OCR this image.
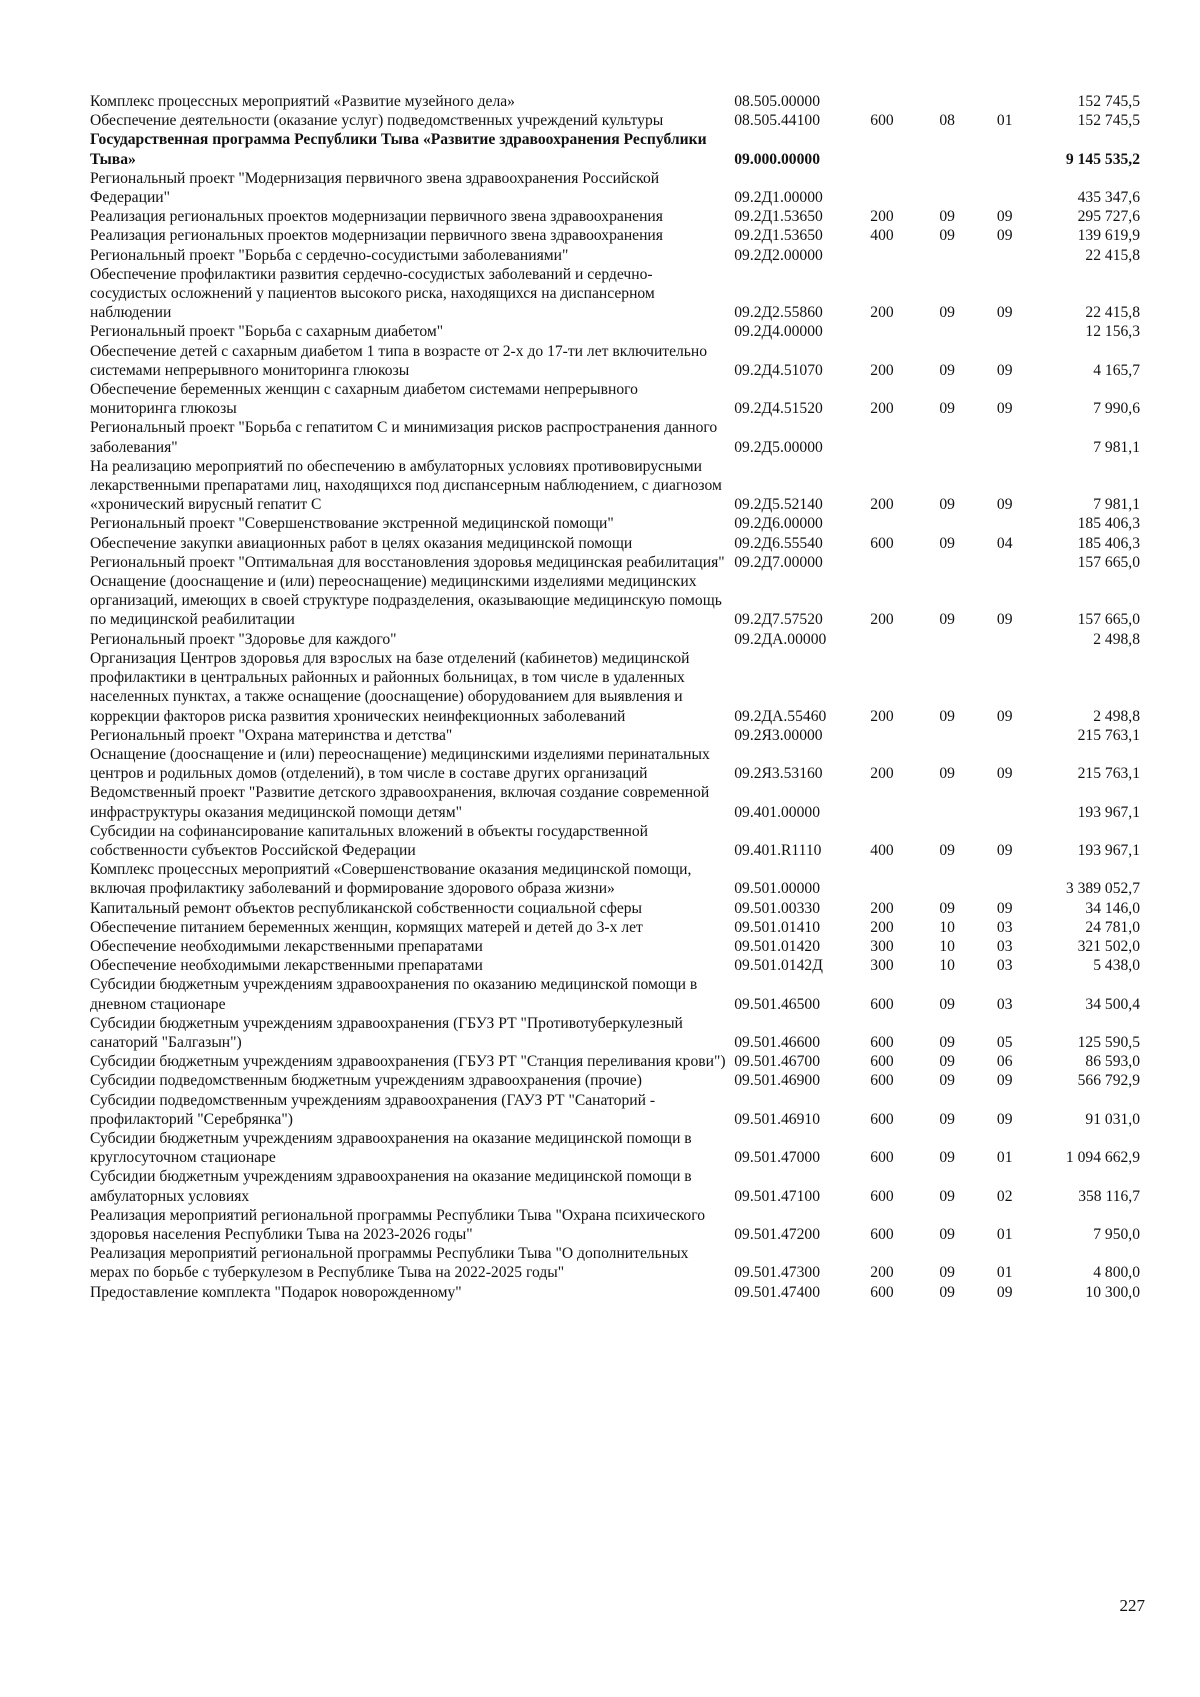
Комплекс процессных мероприятий «Развитие музейного дела»	08.505.00000				152 745,5
Обеспечение деятельности (оказание услуг) подведомственных учреждений культуры	08.505.44100	600	08	01	152 745,5
Государственная программа Республики Тыва «Развитие здравоохранения Республики Тыва»	09.000.00000				9 145 535,2
Региональный проект "Модернизация первичного звена здравоохранения Российской Федерации"	09.2Д1.00000				435 347,6
Реализация региональных проектов модернизации первичного звена здравоохранения	09.2Д1.53650	200	09	09	295 727,6
Реализация региональных проектов модернизации первичного звена здравоохранения	09.2Д1.53650	400	09	09	139 619,9
Региональный проект "Борьба с сердечно-сосудистыми заболеваниями"	09.2Д2.00000				22 415,8
Обеспечение профилактики развития сердечно-сосудистых заболеваний и сердечно-сосудистых осложнений у пациентов высокого риска, находящихся на диспансерном наблюдении	09.2Д2.55860	200	09	09	22 415,8
Региональный проект "Борьба с сахарным диабетом"	09.2Д4.00000				12 156,3
Обеспечение детей с сахарным диабетом 1 типа в возрасте от 2-х до 17-ти лет включительно системами непрерывного мониторинга глюкозы	09.2Д4.51070	200	09	09	4 165,7
Обеспечение беременных женщин с сахарным диабетом системами непрерывного мониторинга глюкозы	09.2Д4.51520	200	09	09	7 990,6
Региональный проект "Борьба с гепатитом С и минимизация рисков распространения данного заболевания"	09.2Д5.00000				7 981,1
На реализацию мероприятий по обеспечению в амбулаторных условиях противовирусными лекарственными препаратами лиц, находящихся под диспансерным наблюдением, с диагнозом «хронический вирусный гепатит С	09.2Д5.52140	200	09	09	7 981,1
Региональный проект "Совершенствование экстренной медицинской помощи"	09.2Д6.00000				185 406,3
Обеспечение закупки авиационных работ в целях оказания медицинской помощи	09.2Д6.55540	600	09	04	185 406,3
Региональный проект "Оптимальная для восстановления здоровья медицинская реабилитация"	09.2Д7.00000				157 665,0
Оснащение (дооснащение и (или) переоснащение) медицинскими изделиями медицинских организаций, имеющих в своей структуре подразделения, оказывающие медицинскую помощь по медицинской реабилитации	09.2Д7.57520	200	09	09	157 665,0
Региональный проект "Здоровье для каждого"	09.2ДА.00000				2 498,8
Организация Центров здоровья для взрослых на базе отделений (кабинетов) медицинской профилактики в центральных районных и районных больницах, в том числе в удаленных населенных пунктах, а также оснащение (дооснащение) оборудованием для выявления и коррекции факторов риска развития хронических неинфекционных заболеваний	09.2ДА.55460	200	09	09	2 498,8
Региональный проект "Охрана материнства и детства"	09.2Я3.00000				215 763,1
Оснащение (дооснащение и (или) переоснащение) медицинскими изделиями перинатальных центров и родильных домов (отделений), в том числе в составе других организаций	09.2Я3.53160	200	09	09	215 763,1
Ведомственный проект "Развитие детского здравоохранения, включая создание современной инфраструктуры оказания медицинской помощи детям"	09.401.00000				193 967,1
Субсидии на софинансирование капитальных вложений в объекты государственной собственности субъектов Российской Федерации	09.401.R1110	400	09	09	193 967,1
Комплекс процессных мероприятий «Совершенствование оказания медицинской помощи, включая профилактику заболеваний и формирование здорового образа жизни»	09.501.00000				3 389 052,7
Капитальный ремонт объектов республиканской собственности социальной сферы	09.501.00330	200	09	09	34 146,0
Обеспечение питанием беременных женщин, кормящих матерей и детей до 3-х лет	09.501.01410	200	10	03	24 781,0
Обеспечение необходимыми лекарственными препаратами	09.501.01420	300	10	03	321 502,0
Обеспечение необходимыми лекарственными препаратами	09.501.0142Д	300	10	03	5 438,0
Субсидии бюджетным учреждениям здравоохранения по оказанию медицинской помощи в дневном стационаре	09.501.46500	600	09	03	34 500,4
Субсидии бюджетным учреждениям здравоохранения (ГБУЗ РТ "Противотуберкулезный санаторий "Балгазын")	09.501.46600	600	09	05	125 590,5
Субсидии бюджетным учреждениям здравоохранения (ГБУЗ РТ "Станция переливания крови")	09.501.46700	600	09	06	86 593,0
Субсидии подведомственным бюджетным учреждениям здравоохранения (прочие)	09.501.46900	600	09	09	566 792,9
Субсидии подведомственным учреждениям здравоохранения (ГАУЗ РТ "Санаторий - профилакторий "Серебрянка")	09.501.46910	600	09	09	91 031,0
Субсидии бюджетным учреждениям здравоохранения на оказание медицинской помощи в круглосуточном стационаре	09.501.47000	600	09	01	1 094 662,9
Субсидии бюджетным учреждениям здравоохранения на оказание медицинской помощи в амбулаторных условиях	09.501.47100	600	09	02	358 116,7
Реализация мероприятий региональной программы Республики Тыва "Охрана психического здоровья населения Республики Тыва на 2023-2026 годы"	09.501.47200	600	09	01	7 950,0
Реализация мероприятий региональной программы Республики Тыва "О дополнительных мерах по борьбе с туберкулезом в Республике Тыва на 2022-2025 годы"	09.501.47300	200	09	01	4 800,0
Предоставление комплекта "Подарок новорожденному"	09.501.47400	600	09	09	10 300,0
227
